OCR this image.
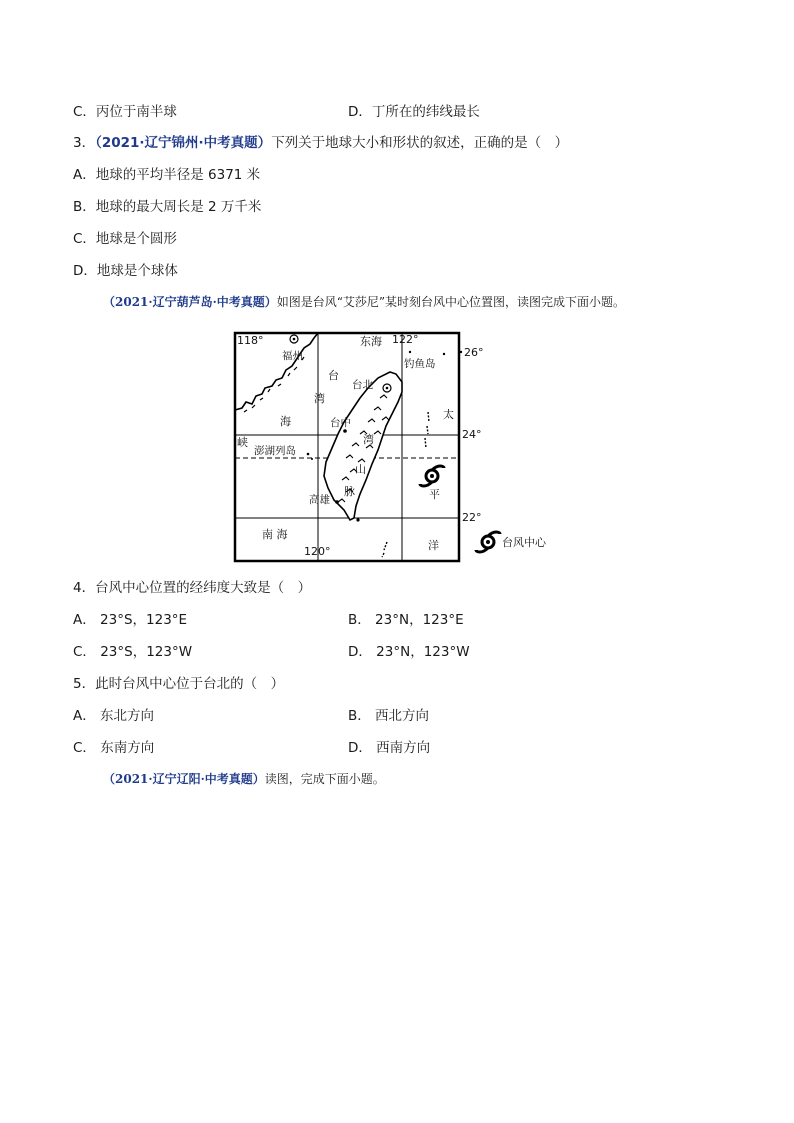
C．丙位于南半球	D．丁所在的纬线最长
3．（2021·辽宁锦州·中考真题）下列关于地球大小和形状的叙述，正确的是（　）
A．地球的平均半径是 6371 米
B．地球的最大周长是 2 万千米
C．地球是个圆形
D．地球是个球体
（2021·辽宁葫芦岛·中考真题）如图是台风“艾莎尼”某时刻台风中心位置图，读图完成下面小题。
118°	东海 122°
26°
福州
钓鱼岛
台
台北
湾
海	台中
太
峡
24°
澎湖列岛
湾
山
平
高雄
脉
22°
南 海
120°	洋	台风中心
4．台风中心位置的经纬度大致是（　）
A． 23°S，123°E	B． 23°N，123°E
C． 23°S，123°W	D． 23°N，123°W
5．此时台风中心位于台北的（　）
A． 东北方向	B． 西北方向
C． 东南方向	D． 西南方向
（2021·辽宁辽阳·中考真题）读图，完成下面小题。
